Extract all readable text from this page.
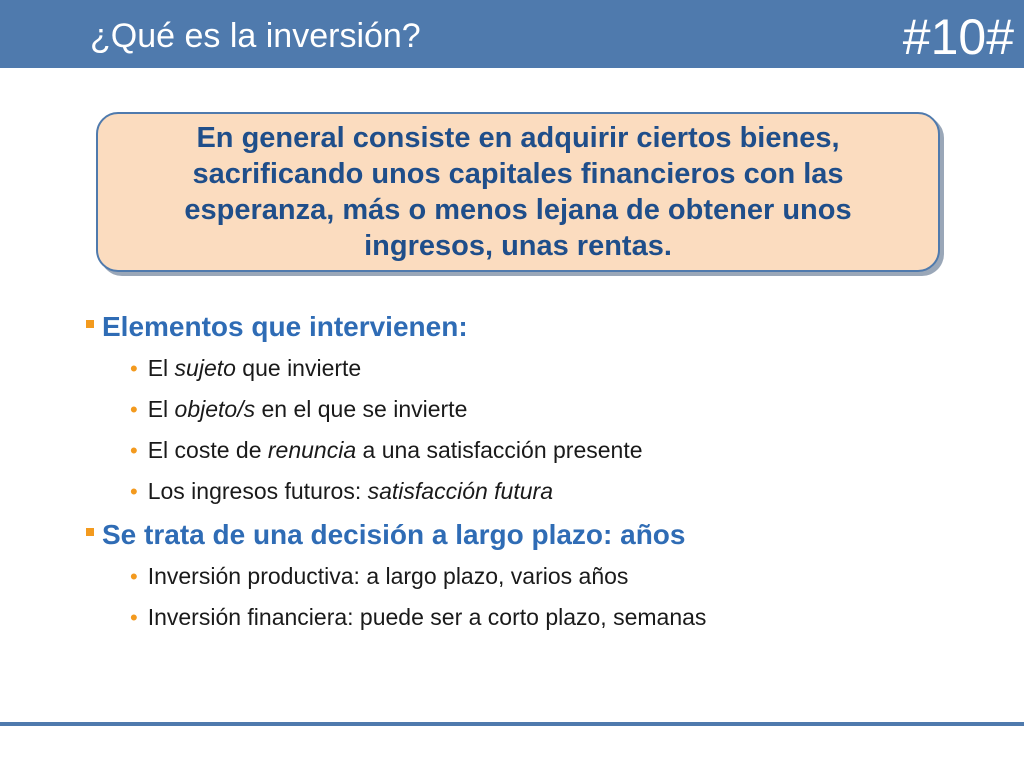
¿Qué es la inversión?	#10#

En general consiste en adquirir ciertos bienes, sacrificando unos capitales financieros con las esperanza, más o menos lejana de obtener unos ingresos, unas rentas.

Elementos que intervienen:
• El sujeto que invierte
• El objeto/s en el que se invierte
• El coste de renuncia a una satisfacción presente
• Los ingresos futuros: satisfacción futura
Se trata de una decisión a largo plazo: años
• Inversión productiva: a largo plazo, varios años
• Inversión financiera: puede ser a corto plazo, semanas
